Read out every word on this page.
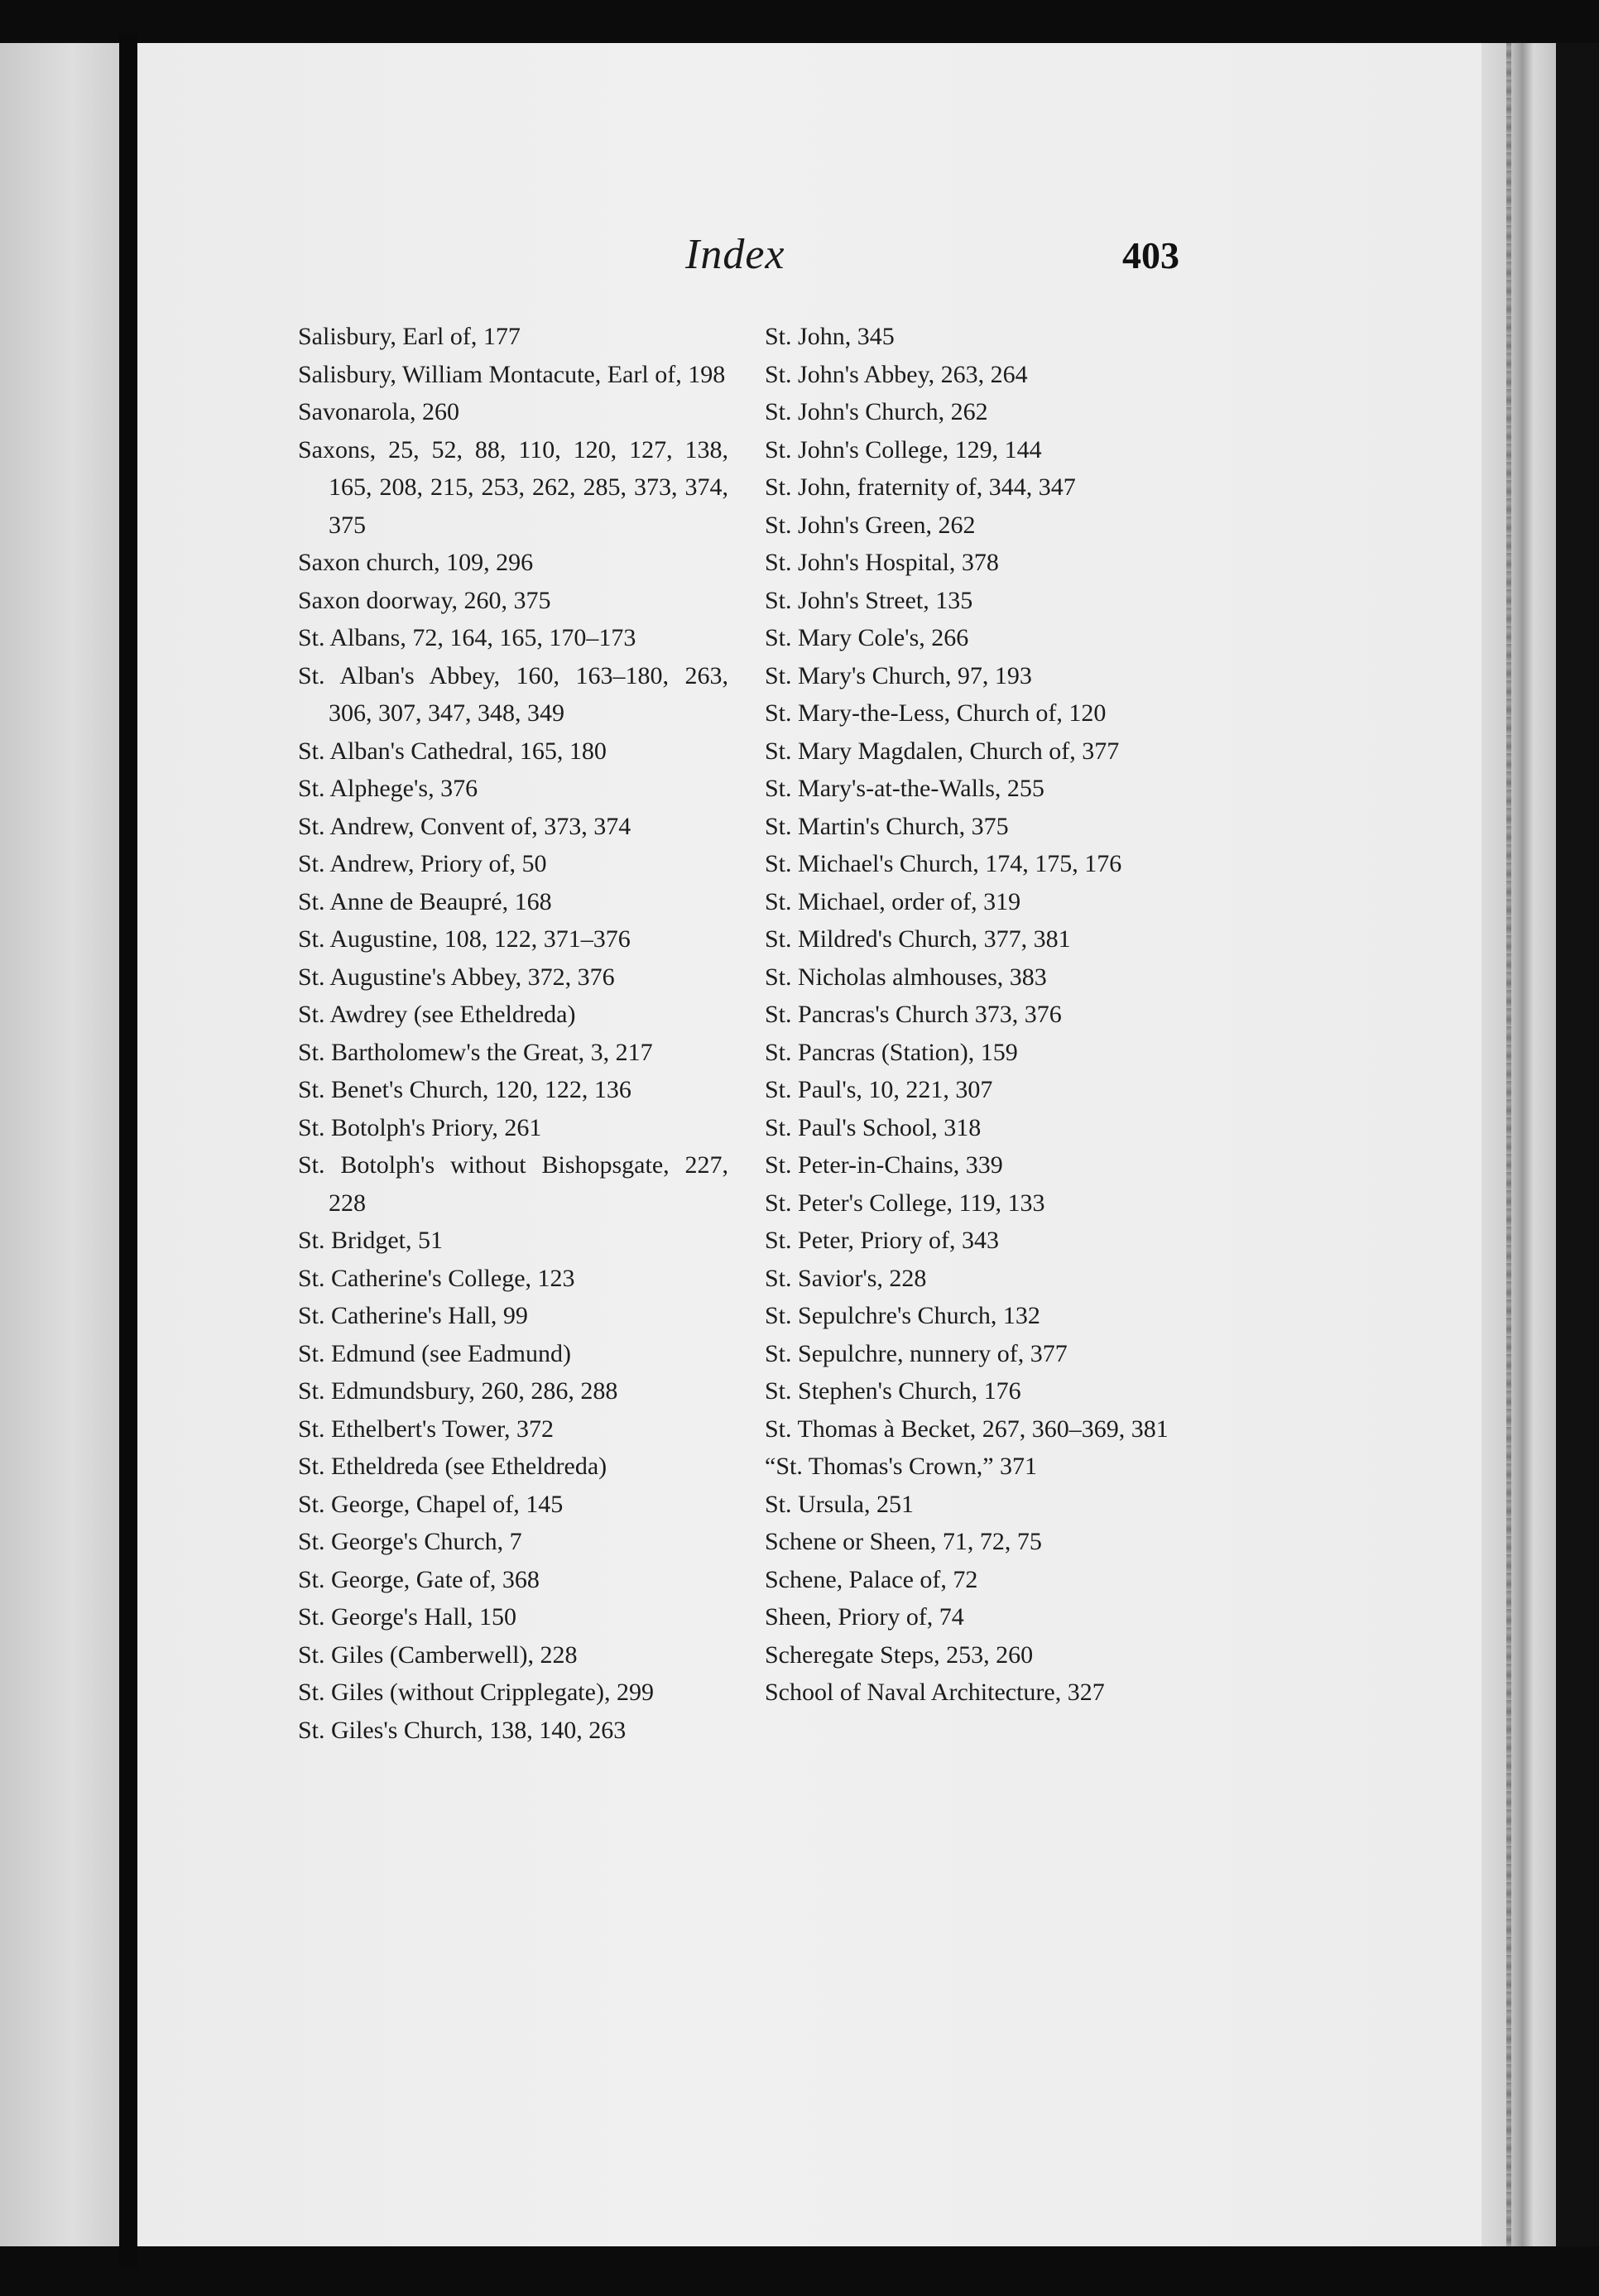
Index	403
Salisbury, Earl of, 177
Salisbury, William Montacute, Earl of, 198
Savonarola, 260
Saxons, 25, 52, 88, 110, 120, 127, 138, 165, 208, 215, 253, 262, 285, 373, 374, 375
Saxon church, 109, 296
Saxon doorway, 260, 375
St. Albans, 72, 164, 165, 170–173
St. Alban's Abbey, 160, 163–180, 263, 306, 307, 347, 348, 349
St. Alban's Cathedral, 165, 180
St. Alphege's, 376
St. Andrew, Convent of, 373, 374
St. Andrew, Priory of, 50
St. Anne de Beaupré, 168
St. Augustine, 108, 122, 371–376
St. Augustine's Abbey, 372, 376
St. Awdrey (see Etheldreda)
St. Bartholomew's the Great, 3, 217
St. Benet's Church, 120, 122, 136
St. Botolph's Priory, 261
St. Botolph's without Bishopsgate, 227, 228
St. Bridget, 51
St. Catherine's College, 123
St. Catherine's Hall, 99
St. Edmund (see Eadmund)
St. Edmundsbury, 260, 286, 288
St. Ethelbert's Tower, 372
St. Etheldreda (see Etheldreda)
St. George, Chapel of, 145
St. George's Church, 7
St. George, Gate of, 368
St. George's Hall, 150
St. Giles (Camberwell), 228
St. Giles (without Cripplegate), 299
St. Giles's Church, 138, 140, 263
St. John, 345
St. John's Abbey, 263, 264
St. John's Church, 262
St. John's College, 129, 144
St. John, fraternity of, 344, 347
St. John's Green, 262
St. John's Hospital, 378
St. John's Street, 135
St. Mary Cole's, 266
St. Mary's Church, 97, 193
St. Mary-the-Less, Church of, 120
St. Mary Magdalen, Church of, 377
St. Mary's-at-the-Walls, 255
St. Martin's Church, 375
St. Michael's Church, 174, 175, 176
St. Michael, order of, 319
St. Mildred's Church, 377, 381
St. Nicholas almhouses, 383
St. Pancras's Church 373, 376
St. Pancras (Station), 159
St. Paul's, 10, 221, 307
St. Paul's School, 318
St. Peter-in-Chains, 339
St. Peter's College, 119, 133
St. Peter, Priory of, 343
St. Savior's, 228
St. Sepulchre's Church, 132
St. Sepulchre, nunnery of, 377
St. Stephen's Church, 176
St. Thomas à Becket, 267, 360–369, 381
“St. Thomas's Crown,” 371
St. Ursula, 251
Schene or Sheen, 71, 72, 75
Schene, Palace of, 72
Sheen, Priory of, 74
Scheregate Steps, 253, 260
School of Naval Architecture, 327
